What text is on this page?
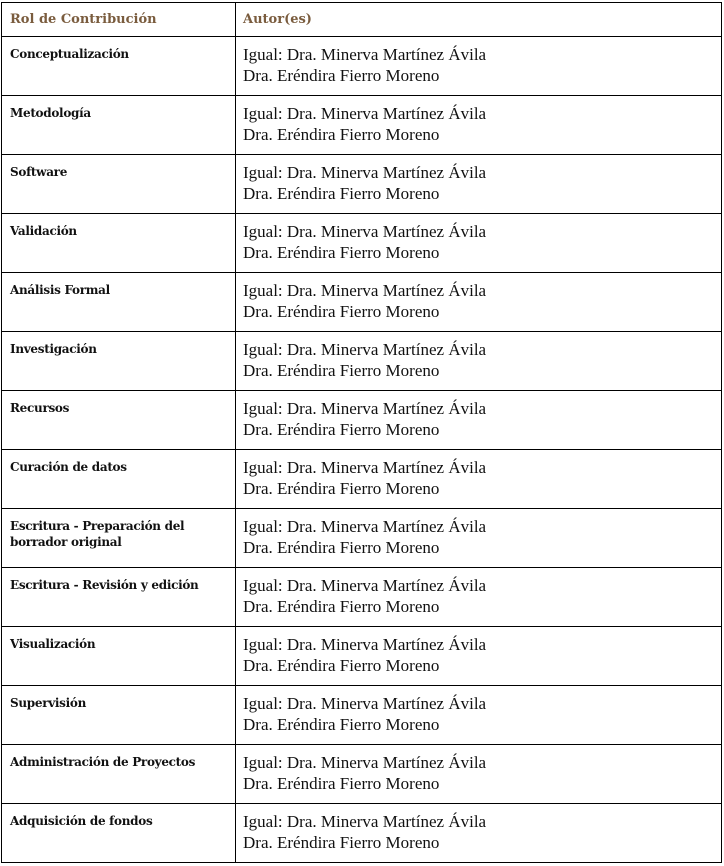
Rol de Contribución	Autor(es)
Conceptualización	Igual: Dra. Minerva Martínez Ávila
Dra. Eréndira Fierro Moreno

Metodología	Igual: Dra. Minerva Martínez Ávila
Dra. Eréndira Fierro Moreno

Software	Igual: Dra. Minerva Martínez Ávila
Dra. Eréndira Fierro Moreno

Validación	Igual: Dra. Minerva Martínez Ávila
Dra. Eréndira Fierro Moreno

Análisis Formal	Igual: Dra. Minerva Martínez Ávila
Dra. Eréndira Fierro Moreno

Investigación	Igual: Dra. Minerva Martínez Ávila
Dra. Eréndira Fierro Moreno

Recursos	Igual: Dra. Minerva Martínez Ávila
Dra. Eréndira Fierro Moreno

Curación de datos	Igual: Dra. Minerva Martínez Ávila
Dra. Eréndira Fierro Moreno

Escritura - Preparación del borrador original	Igual: Dra. Minerva Martínez Ávila
Dra. Eréndira Fierro Moreno

Escritura - Revisión y edición	Igual: Dra. Minerva Martínez Ávila
Dra. Eréndira Fierro Moreno

Visualización	Igual: Dra. Minerva Martínez Ávila
Dra. Eréndira Fierro Moreno

Supervisión	Igual: Dra. Minerva Martínez Ávila
Dra. Eréndira Fierro Moreno

Administración de Proyectos	Igual: Dra. Minerva Martínez Ávila
Dra. Eréndira Fierro Moreno

Adquisición de fondos	Igual: Dra. Minerva Martínez Ávila
Dra. Eréndira Fierro Moreno
